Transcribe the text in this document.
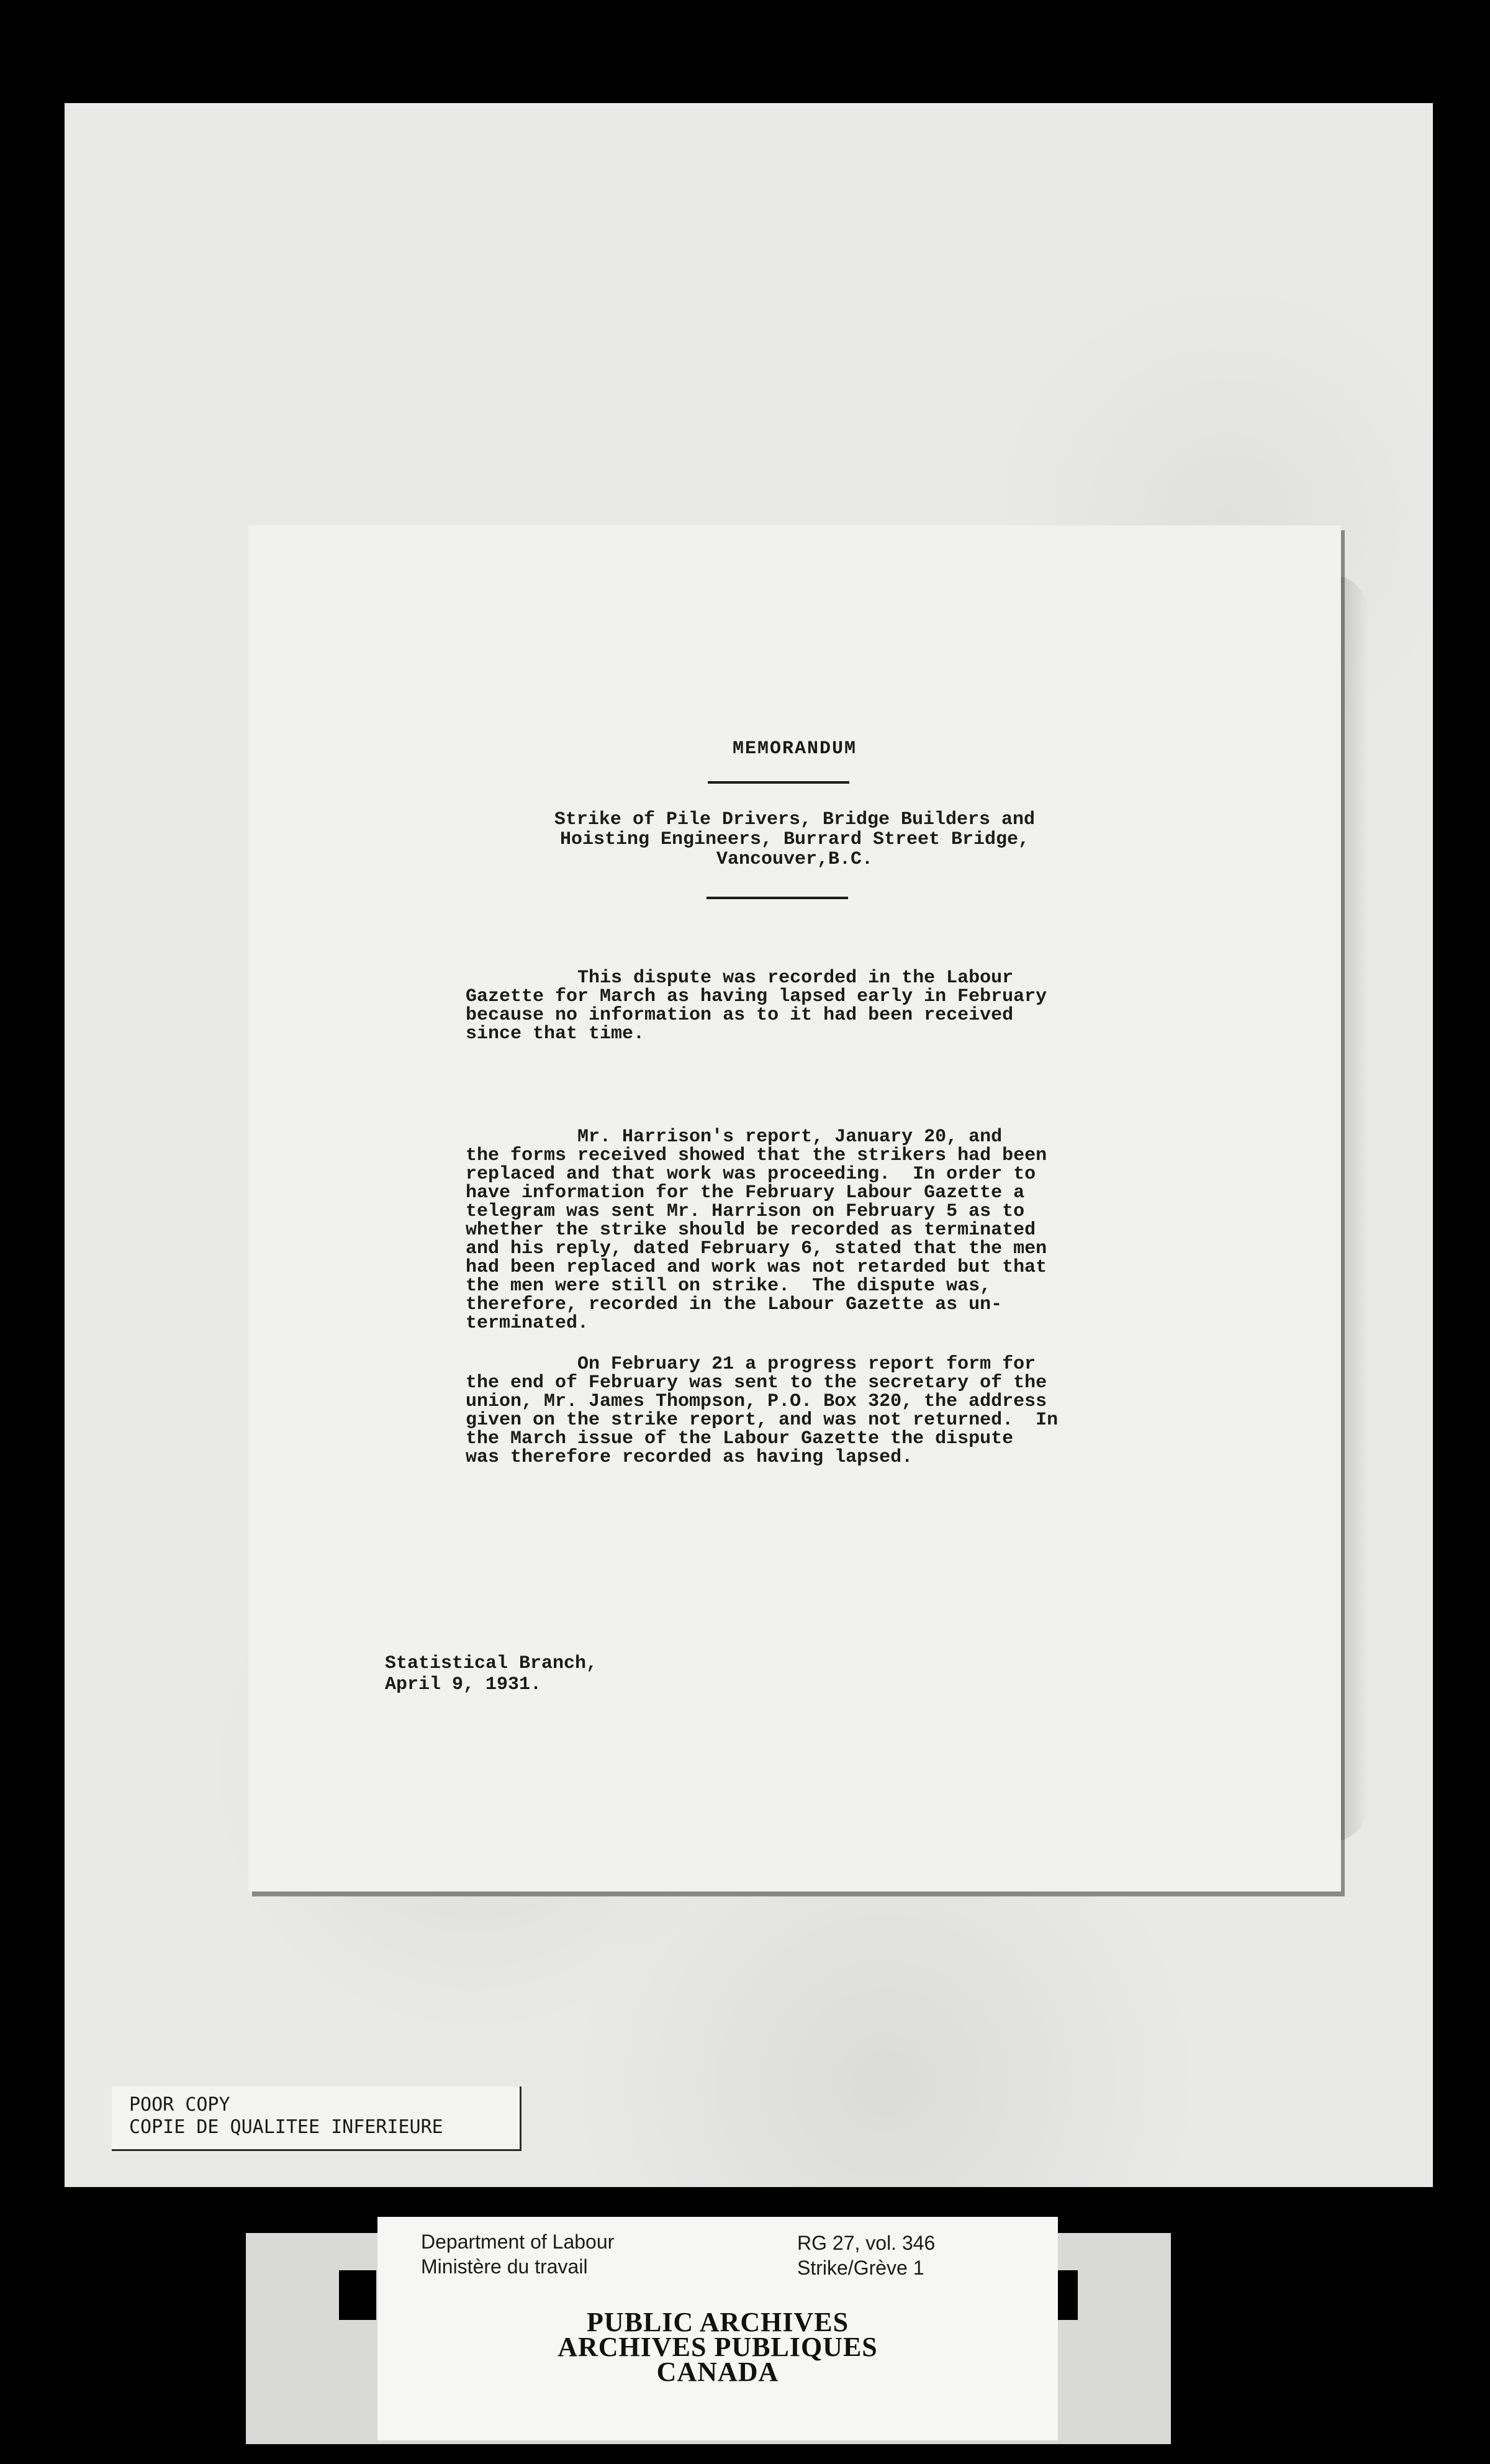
MEMORANDUM
Strike of Pile Drivers, Bridge Builders and
Hoisting Engineers, Burrard Street Bridge,
Vancouver,B.C.
This dispute was recorded in the Labour
Gazette for March as having lapsed early in February
because no information as to it had been received
since that time.
Mr. Harrison's report, January 20, and
the forms received showed that the strikers had been
replaced and that work was proceeding.  In order to
have information for the February Labour Gazette a
telegram was sent Mr. Harrison on February 5 as to
whether the strike should be recorded as terminated
and his reply, dated February 6, stated that the men
had been replaced and work was not retarded but that
the men were still on strike.  The dispute was,
therefore, recorded in the Labour Gazette as un-
terminated.
On February 21 a progress report form for
the end of February was sent to the secretary of the
union, Mr. James Thompson, P.O. Box 320, the address
given on the strike report, and was not returned.  In
the March issue of the Labour Gazette the dispute
was therefore recorded as having lapsed.
Statistical Branch,
April 9, 1931.
POOR COPY
COPIE DE QUALITEE INFERIEURE
Department of Labour
Ministère du travail
RG 27, vol. 346
Strike/Grève 1
PUBLIC ARCHIVES
ARCHIVES PUBLIQUES
CANADA
